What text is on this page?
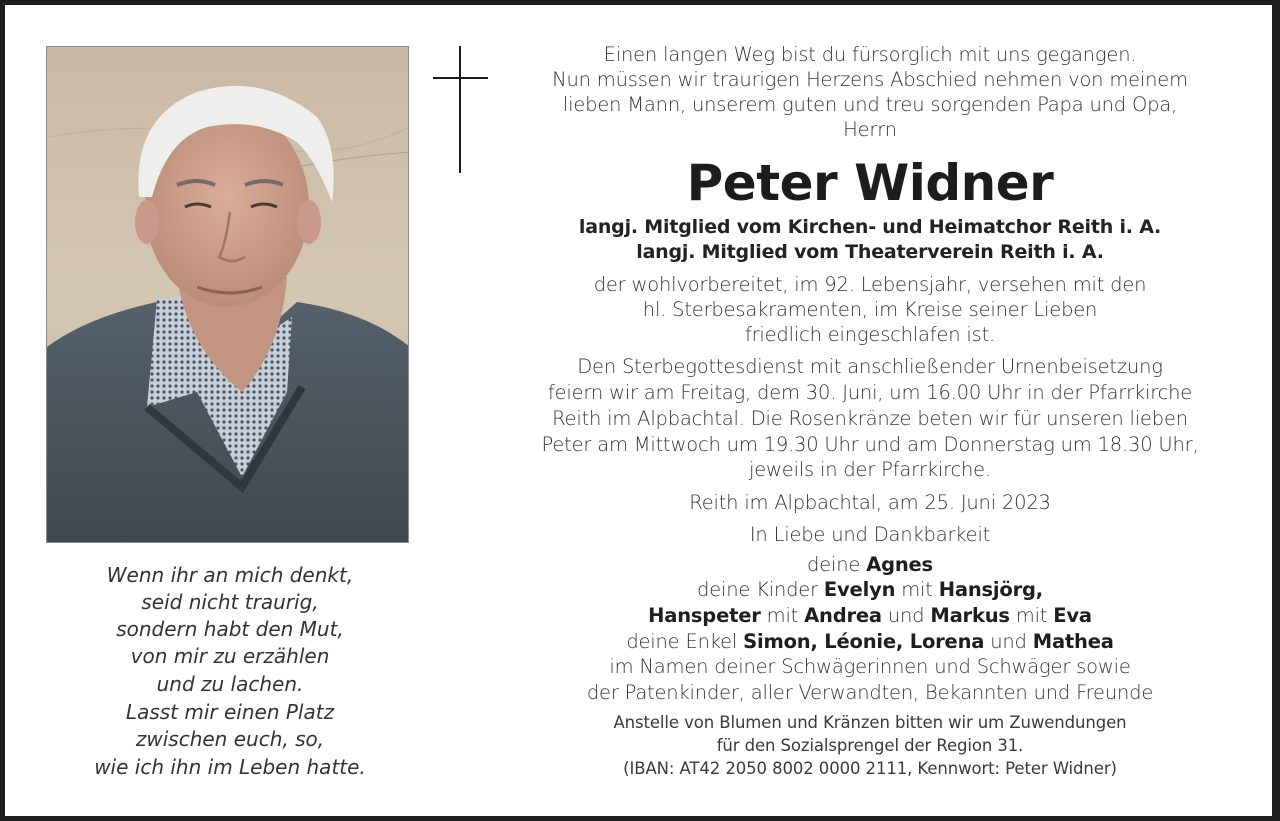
Einen langen Weg bist du fürsorglich mit uns gegangen.
Nun müssen wir traurigen Herzens Abschied nehmen von meinem
lieben Mann, unserem guten und treu sorgenden Papa und Opa,
Herrn
Peter Widner
langj. Mitglied vom Kirchen- und Heimatchor Reith i. A.
langj. Mitglied vom Theaterverein Reith i. A.
der wohlvorbereitet, im 92. Lebensjahr, versehen mit den
hl. Sterbesakramenten, im Kreise seiner Lieben
friedlich eingeschlafen ist.
Den Sterbegottesdienst mit anschließender Urnenbeisetzung
feiern wir am Freitag, dem 30. Juni, um 16.00 Uhr in der Pfarrkirche
Reith im Alpbachtal. Die Rosenkränze beten wir für unseren lieben
Peter am Mittwoch um 19.30 Uhr und am Donnerstag um 18.30 Uhr,
jeweils in der Pfarrkirche.
Reith im Alpbachtal, am 25. Juni 2023
In Liebe und Dankbarkeit
deine Agnes
deine Kinder Evelyn mit Hansjörg,
Hanspeter mit Andrea und Markus mit Eva
deine Enkel Simon, Léonie, Lorena und Mathea
im Namen deiner Schwägerinnen und Schwäger sowie
der Patenkinder, aller Verwandten, Bekannten und Freunde
Anstelle von Blumen und Kränzen bitten wir um Zuwendungen
für den Sozialsprengel der Region 31.
(IBAN: AT42 2050 8002 0000 2111, Kennwort: Peter Widner)
Wenn ihr an mich denkt,
seid nicht traurig,
sondern habt den Mut,
von mir zu erzählen
und zu lachen.
Lasst mir einen Platz
zwischen euch, so,
wie ich ihn im Leben hatte.
